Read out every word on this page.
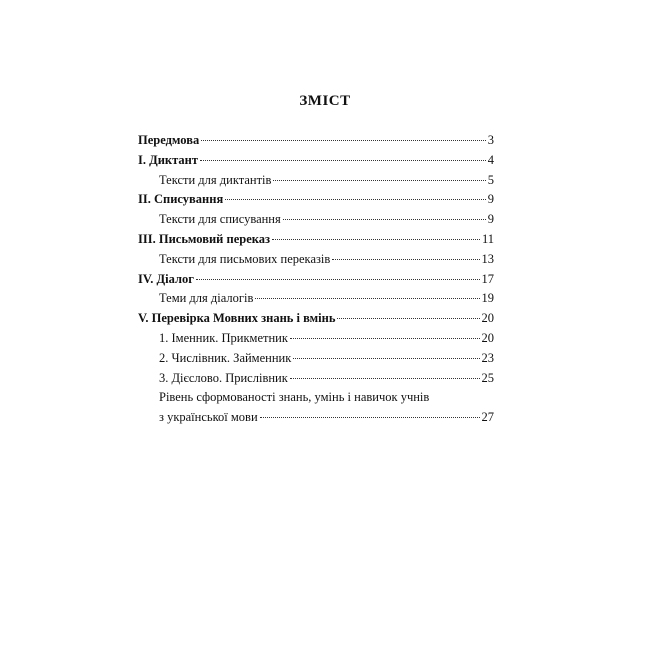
ЗМІСТ
Передмова	3
І. Диктант	4
Тексти для диктантів	5
ІІ. Списування	9
Тексти для списування	9
ІІІ. Письмовий переказ	11
Тексти для письмових переказів	13
IV. Діалог	17
Теми для діалогів	19
V. Перевірка Мовних знань і вмінь	20
1. Іменник. Прикметник	20
2. Числівник. Займенник	23
3. Дієслово. Прислівник	25
Рівень сформованості знань, умінь і навичок учнів
з української мови	27
